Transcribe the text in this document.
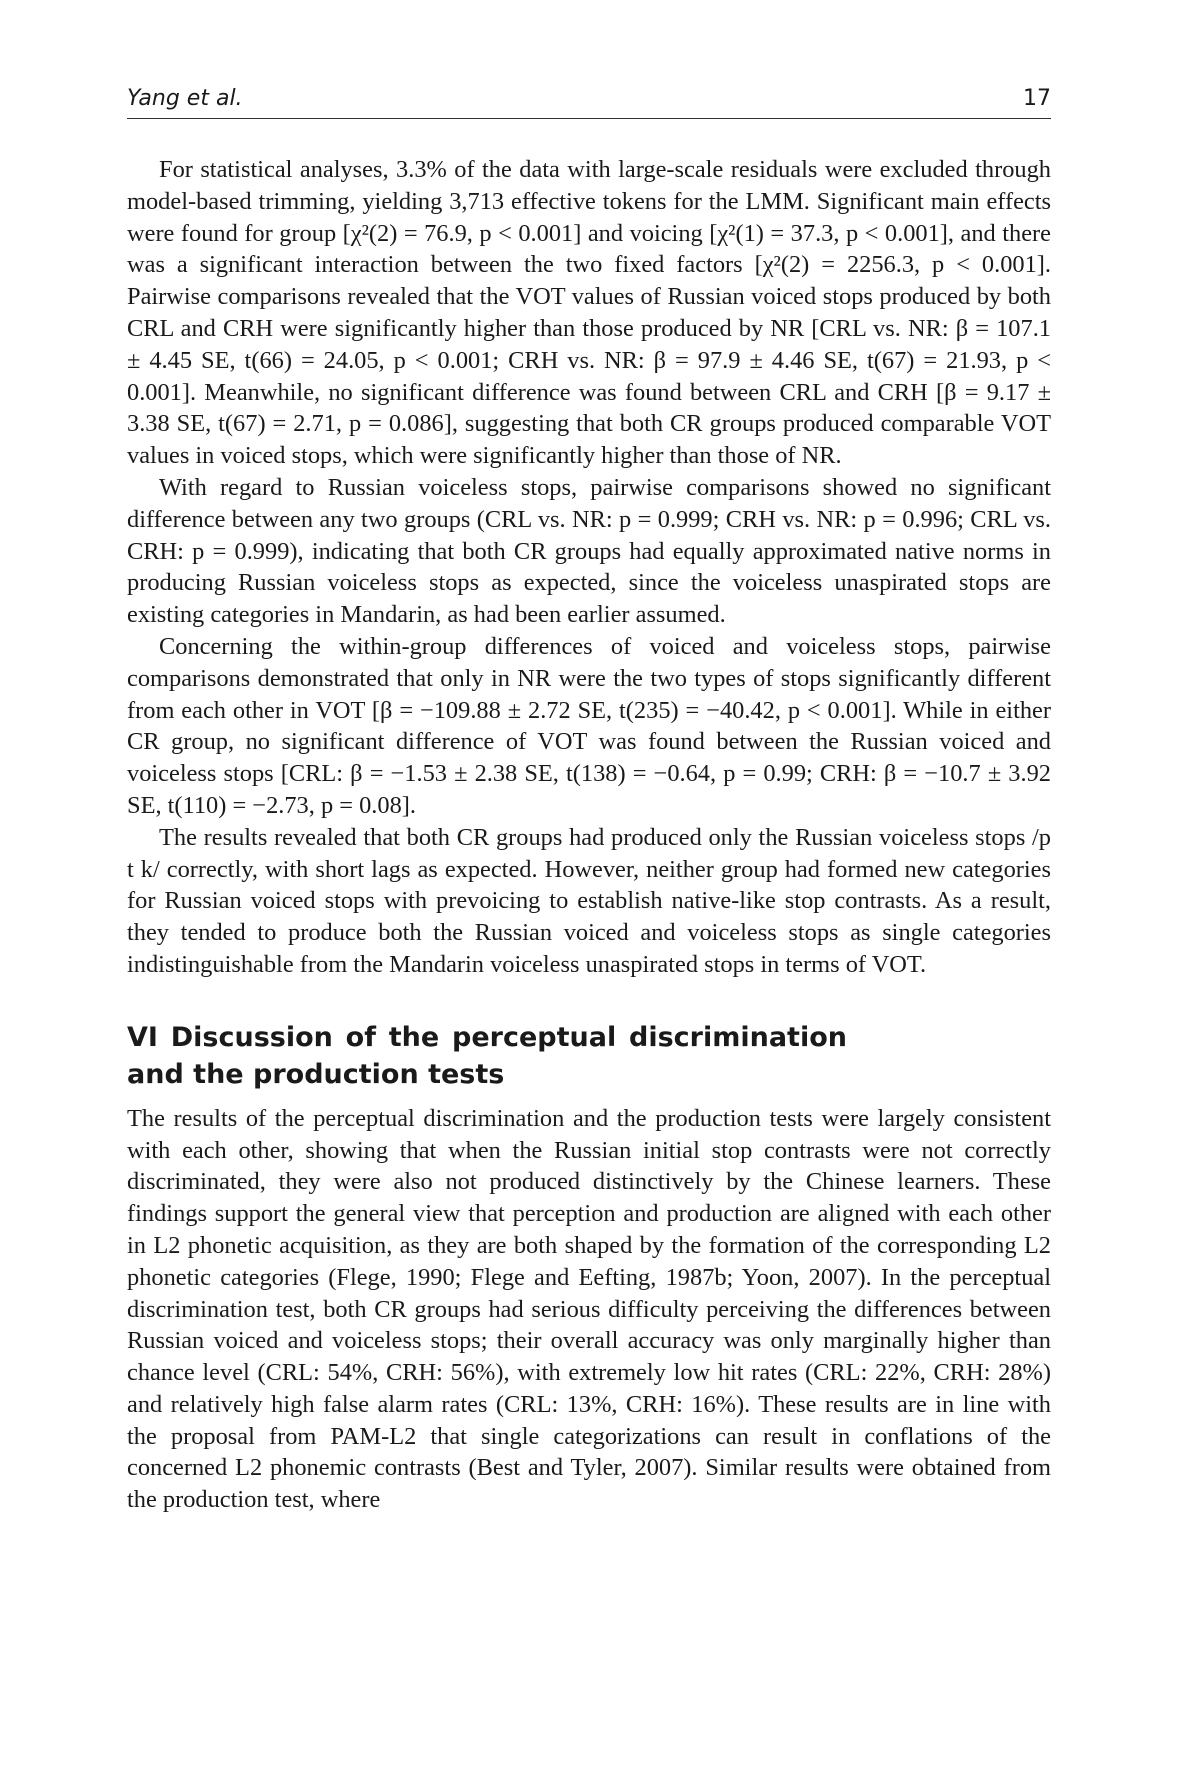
Yang et al.	17

For statistical analyses, 3.3% of the data with large-scale residuals were excluded through model-based trimming, yielding 3,713 effective tokens for the LMM. Significant main effects were found for group [χ²(2) = 76.9, p < 0.001] and voicing [χ²(1) = 37.3, p < 0.001], and there was a significant interaction between the two fixed factors [χ²(2) = 2256.3, p < 0.001]. Pairwise comparisons revealed that the VOT values of Russian voiced stops produced by both CRL and CRH were significantly higher than those produced by NR [CRL vs. NR: β = 107.1 ± 4.45 SE, t(66) = 24.05, p < 0.001; CRH vs. NR: β = 97.9 ± 4.46 SE, t(67) = 21.93, p < 0.001]. Meanwhile, no significant difference was found between CRL and CRH [β = 9.17 ± 3.38 SE, t(67) = 2.71, p = 0.086], suggesting that both CR groups produced comparable VOT values in voiced stops, which were significantly higher than those of NR.

With regard to Russian voiceless stops, pairwise comparisons showed no significant difference between any two groups (CRL vs. NR: p = 0.999; CRH vs. NR: p = 0.996; CRL vs. CRH: p = 0.999), indicating that both CR groups had equally approximated native norms in producing Russian voiceless stops as expected, since the voiceless unaspirated stops are existing categories in Mandarin, as had been earlier assumed.

Concerning the within-group differences of voiced and voiceless stops, pairwise comparisons demonstrated that only in NR were the two types of stops significantly different from each other in VOT [β = −109.88 ± 2.72 SE, t(235) = −40.42, p < 0.001]. While in either CR group, no significant difference of VOT was found between the Russian voiced and voiceless stops [CRL: β = −1.53 ± 2.38 SE, t(138) = −0.64, p = 0.99; CRH: β = −10.7 ± 3.92 SE, t(110) = −2.73, p = 0.08].

The results revealed that both CR groups had produced only the Russian voiceless stops /p t k/ correctly, with short lags as expected. However, neither group had formed new categories for Russian voiced stops with prevoicing to establish native-like stop contrasts. As a result, they tended to produce both the Russian voiced and voiceless stops as single categories indistinguishable from the Mandarin voiceless unaspirated stops in terms of VOT.

VI Discussion of the perceptual discrimination and the production tests

The results of the perceptual discrimination and the production tests were largely consistent with each other, showing that when the Russian initial stop contrasts were not correctly discriminated, they were also not produced distinctively by the Chinese learners. These findings support the general view that perception and production are aligned with each other in L2 phonetic acquisition, as they are both shaped by the formation of the corresponding L2 phonetic categories (Flege, 1990; Flege and Eefting, 1987b; Yoon, 2007). In the perceptual discrimination test, both CR groups had serious difficulty perceiving the differences between Russian voiced and voiceless stops; their overall accuracy was only marginally higher than chance level (CRL: 54%, CRH: 56%), with extremely low hit rates (CRL: 22%, CRH: 28%) and relatively high false alarm rates (CRL: 13%, CRH: 16%). These results are in line with the proposal from PAM-L2 that single categorizations can result in conflations of the concerned L2 phonemic contrasts (Best and Tyler, 2007). Similar results were obtained from the production test, where
